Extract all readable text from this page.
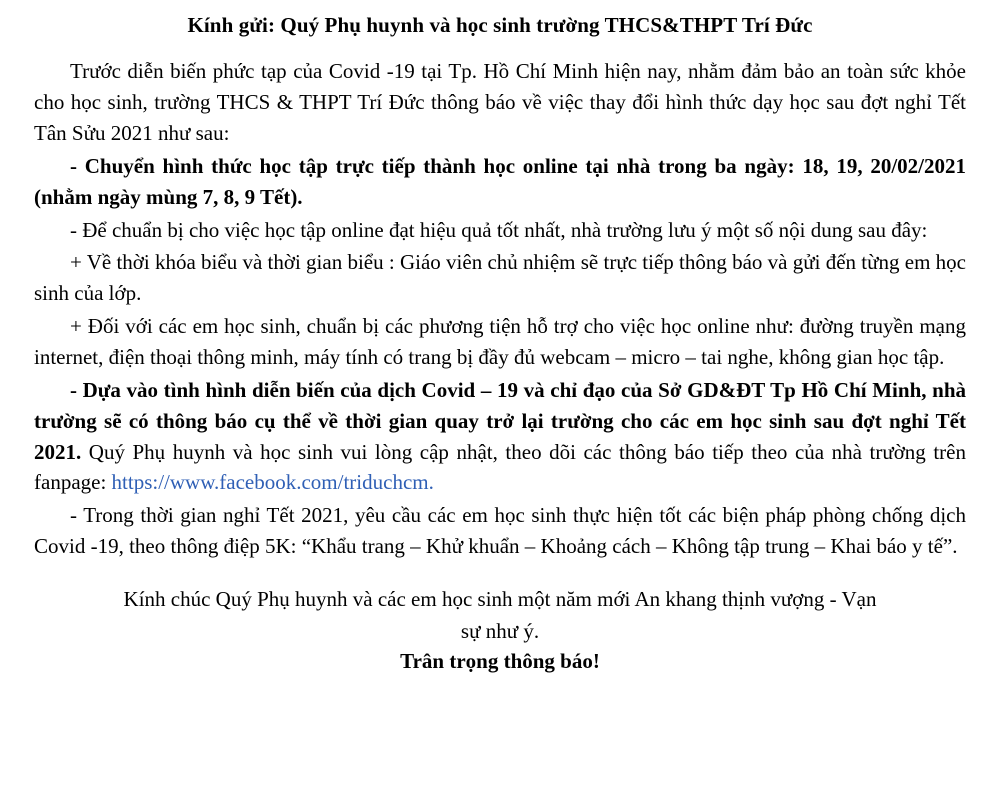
Kính gửi: Quý Phụ huynh và học sinh trường THCS&THPT Trí Đức

Trước diễn biến phức tạp của Covid -19 tại Tp. Hồ Chí Minh hiện nay, nhằm đảm bảo an toàn sức khỏe cho học sinh, trường THCS & THPT Trí Đức thông báo về việc thay đổi hình thức dạy học sau đợt nghỉ Tết Tân Sửu 2021 như sau:

- Chuyển hình thức học tập trực tiếp thành học online tại nhà trong ba ngày: 18, 19, 20/02/2021 (nhằm ngày mùng 7, 8, 9 Tết).

- Để chuẩn bị cho việc học tập online đạt hiệu quả tốt nhất, nhà trường lưu ý một số nội dung sau đây:

+ Về thời khóa biểu và thời gian biểu : Giáo viên chủ nhiệm sẽ trực tiếp thông báo và gửi đến từng em học sinh của lớp.

+ Đối với các em học sinh, chuẩn bị các phương tiện hỗ trợ cho việc học online như: đường truyền mạng internet, điện thoại thông minh, máy tính có trang bị đầy đủ webcam – micro – tai nghe, không gian học tập.

- Dựa vào tình hình diễn biến của dịch Covid – 19 và chỉ đạo của Sở GD&ĐT Tp Hồ Chí Minh, nhà trường sẽ có thông báo cụ thể về thời gian quay trở lại trường cho các em học sinh sau đợt nghỉ Tết 2021. Quý Phụ huynh và học sinh vui lòng cập nhật, theo dõi các thông báo tiếp theo của nhà trường trên fanpage: https://www.facebook.com/triduchcm.

- Trong thời gian nghỉ Tết 2021, yêu cầu các em học sinh thực hiện tốt các biện pháp phòng chống dịch Covid -19, theo thông điệp 5K: “Khẩu trang – Khử khuẩn – Khoảng cách – Không tập trung – Khai báo y tế”.

Kính chúc Quý Phụ huynh và các em học sinh một năm mới An khang thịnh vượng - Vạn
sự như ý.
Trân trọng thông báo!
